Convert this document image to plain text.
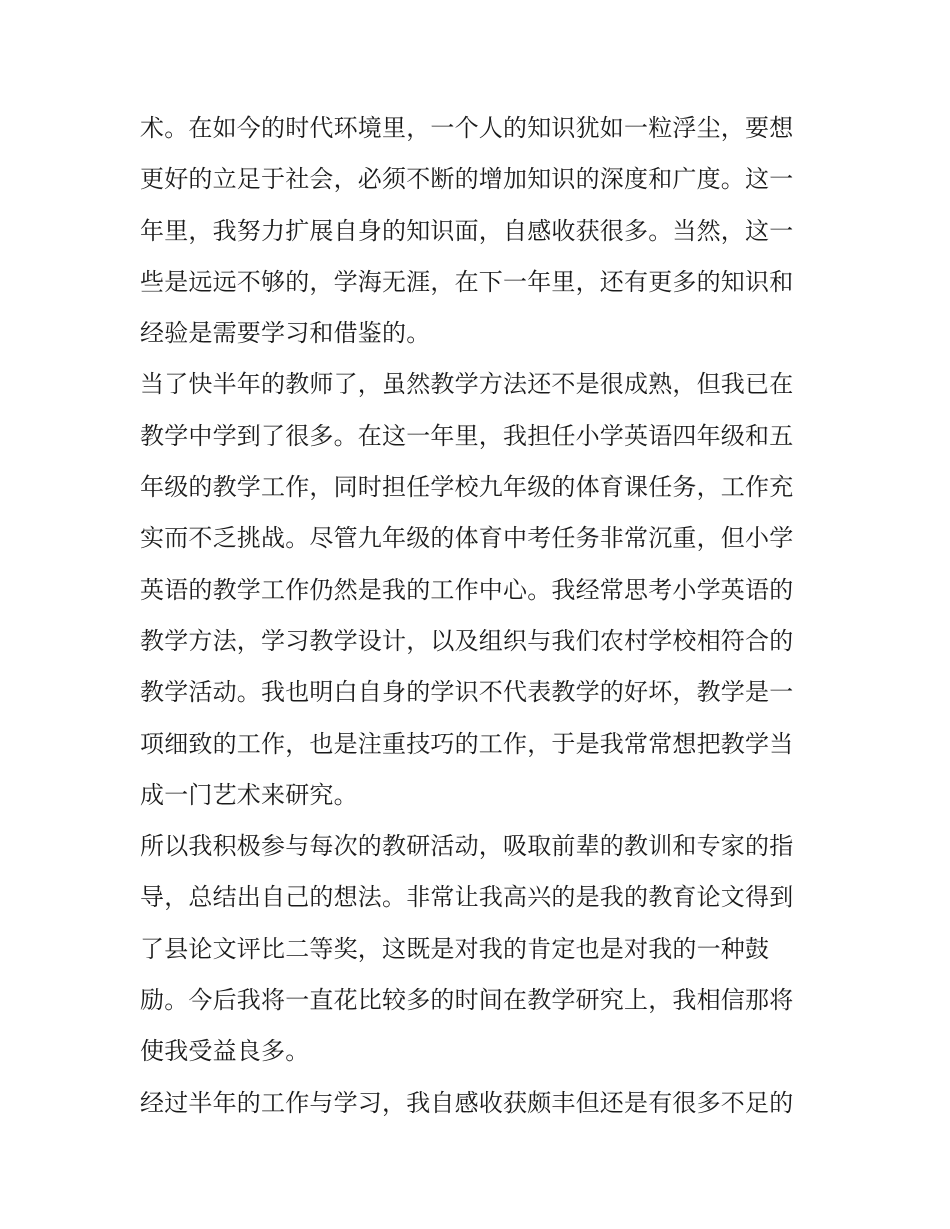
术。在如今的时代环境里，一个人的知识犹如一粒浮尘，要想
更好的立足于社会，必须不断的增加知识的深度和广度。这一
年里，我努力扩展自身的知识面，自感收获很多。当然，这一
些是远远不够的，学海无涯，在下一年里，还有更多的知识和
经验是需要学习和借鉴的。
当了快半年的教师了，虽然教学方法还不是很成熟，但我已在
教学中学到了很多。在这一年里，我担任小学英语四年级和五
年级的教学工作，同时担任学校九年级的体育课任务，工作充
实而不乏挑战。尽管九年级的体育中考任务非常沉重，但小学
英语的教学工作仍然是我的工作中心。我经常思考小学英语的
教学方法，学习教学设计，以及组织与我们农村学校相符合的
教学活动。我也明白自身的学识不代表教学的好坏，教学是一
项细致的工作，也是注重技巧的工作，于是我常常想把教学当
成一门艺术来研究。
所以我积极参与每次的教研活动，吸取前辈的教训和专家的指
导，总结出自己的想法。非常让我高兴的是我的教育论文得到
了县论文评比二等奖，这既是对我的肯定也是对我的一种鼓
励。今后我将一直花比较多的时间在教学研究上，我相信那将
使我受益良多。
经过半年的工作与学习，我自感收获颇丰但还是有很多不足的
